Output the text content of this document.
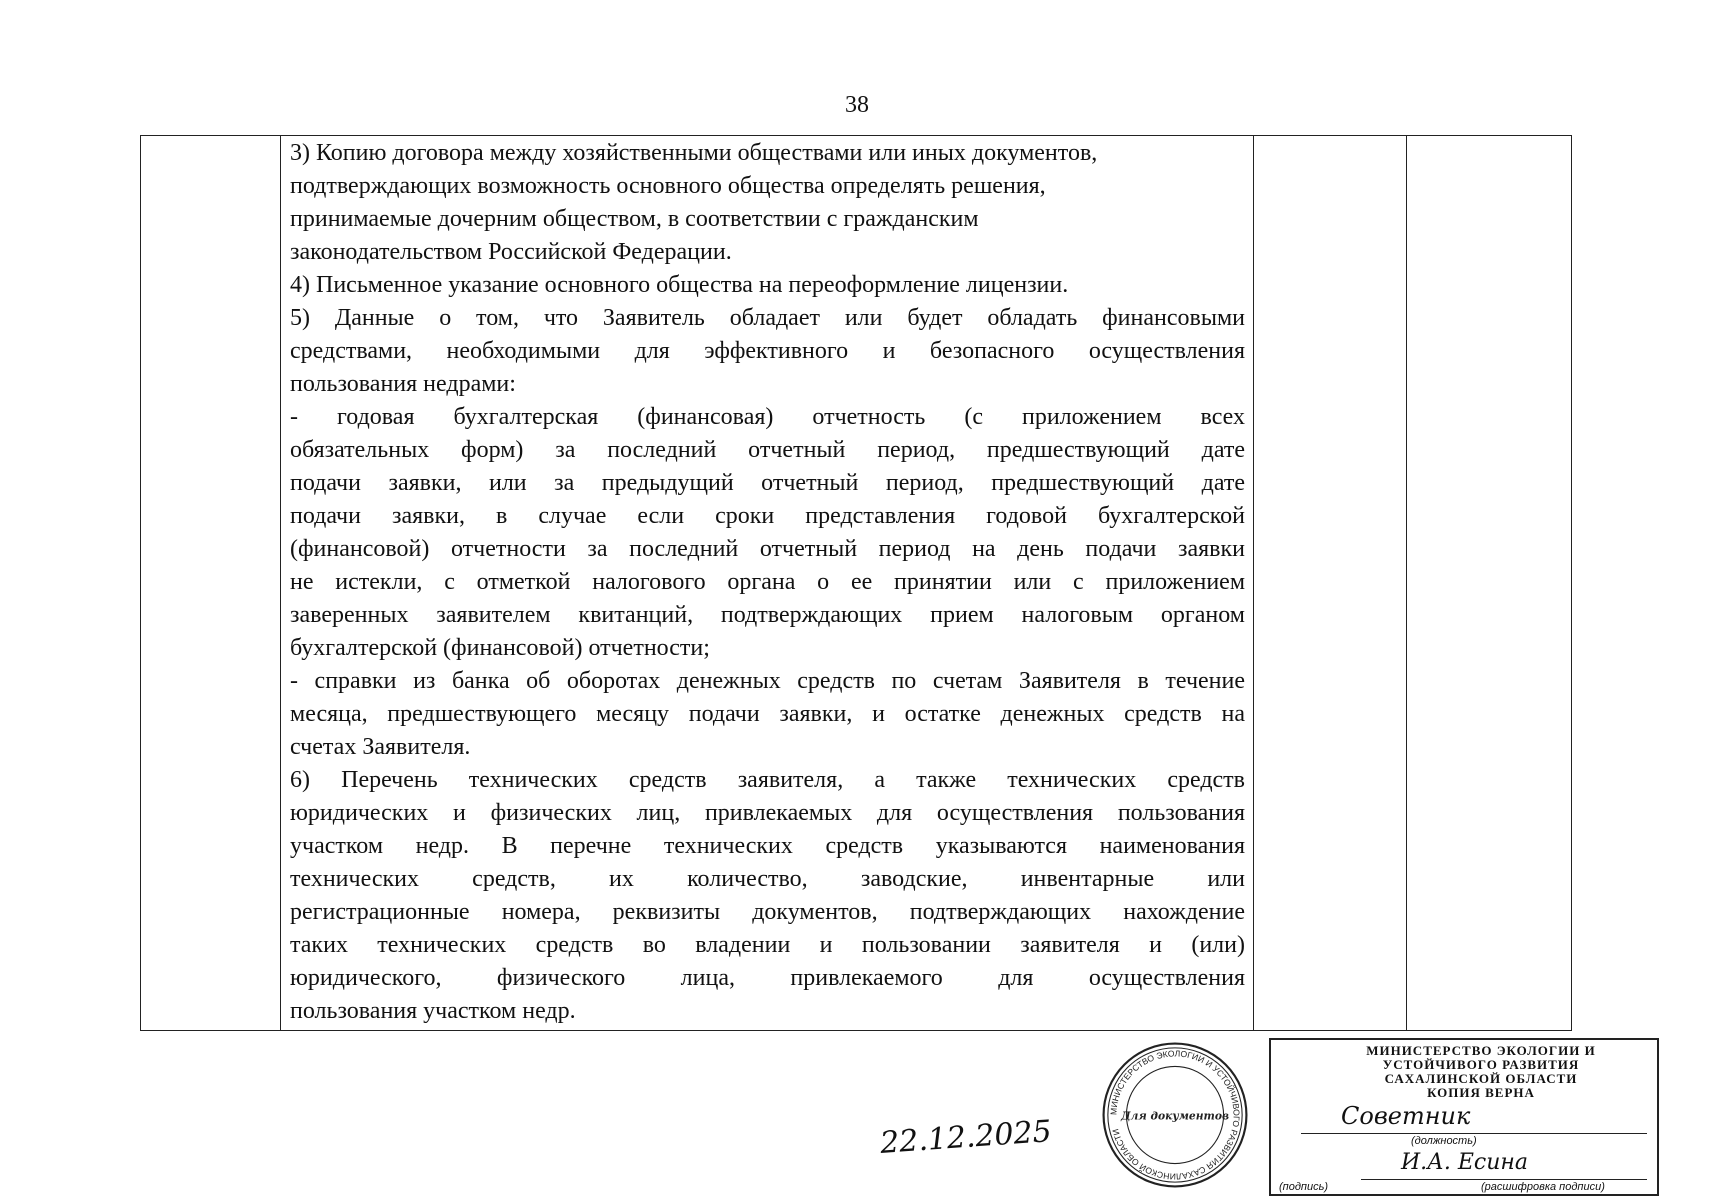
38
3) Копию договора между хозяйственными обществами или иных документов,
подтверждающих возможность основного общества определять решения,
принимаемые дочерним обществом, в соответствии с гражданским
законодательством Российской Федерации.
4) Письменное указание основного общества на переоформление лицензии.
5) Данные о том, что Заявитель обладает или будет обладать финансовыми
средствами, необходимыми для эффективного и безопасного осуществления
пользования недрами:
- годовая бухгалтерская (финансовая) отчетность (с приложением всех
обязательных форм) за последний отчетный период, предшествующий дате
подачи заявки, или за предыдущий отчетный период, предшествующий дате
подачи заявки, в случае если сроки представления годовой бухгалтерской
(финансовой) отчетности за последний отчетный период на день подачи заявки
не истекли, с отметкой налогового органа о ее принятии или с приложением
заверенных заявителем квитанций, подтверждающих прием налоговым органом
бухгалтерской (финансовой) отчетности;
- справки из банка об оборотах денежных средств по счетам Заявителя в течение
месяца, предшествующего месяцу подачи заявки, и остатке денежных средств на
счетах Заявителя.
6) Перечень технических средств заявителя, а также технических средств
юридических и физических лиц, привлекаемых для осуществления пользования
участком недр. В перечне технических средств указываются наименования
технических средств, их количество, заводские, инвентарные или
регистрационные номера, реквизиты документов, подтверждающих нахождение
таких технических средств во владении и пользовании заявителя и (или)
юридического, физического лица, привлекаемого для осуществления
пользования участком недр.
МИНИСТЕРСТВО ЭКОЛОГИИ И УСТОЙЧИВОГО РАЗВИТИЯ САХАЛИНСКОЙ ОБЛАСТИ
Для документов
МИНИСТЕРСТВО ЭКОЛОГИИ И
УСТОЙЧИВОГО РАЗВИТИЯ
САХАЛИНСКОЙ ОБЛАСТИ
КОПИЯ ВЕРНА
Советник
(должность)
И.А. Есина
(подпись)	(расшифровка подписи)
22.12.2025
